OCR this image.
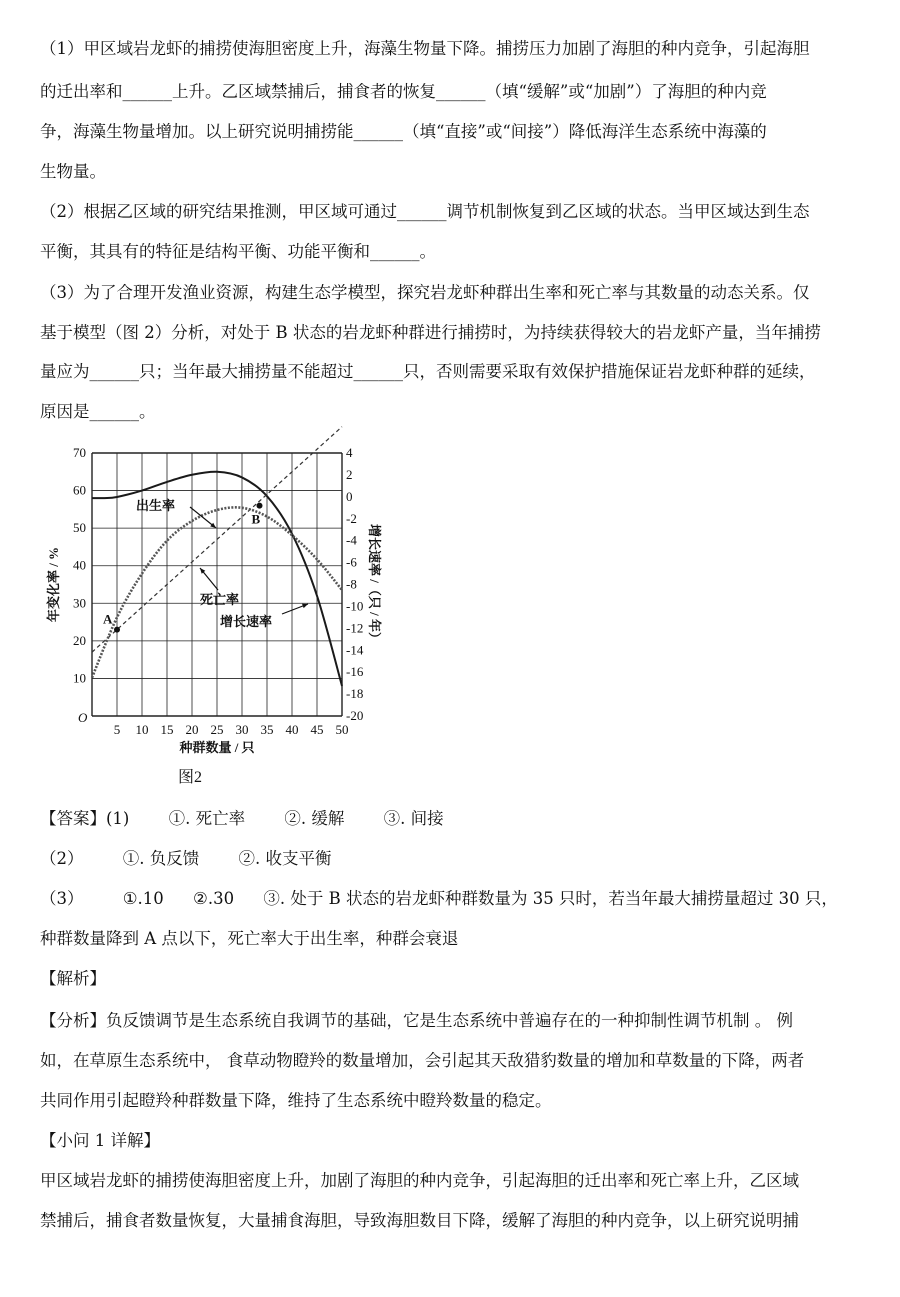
（1）甲区域岩龙虾的捕捞使海胆密度上升，海藻生物量下降。捕捞压力加剧了海胆的种内竞争，引起海胆
的迁出率和______上升。乙区域禁捕后，捕食者的恢复______（填“缓解”或“加剧”）了海胆的种内竞
争，海藻生物量增加。以上研究说明捕捞能______（填“直接”或“间接”）降低海洋生态系统中海藻的
生物量。
（2）根据乙区域的研究结果推测，甲区域可通过______调节机制恢复到乙区域的状态。当甲区域达到生态
平衡，其具有的特征是结构平衡、功能平衡和______。
（3）为了合理开发渔业资源，构建生态学模型，探究岩龙虾种群出生率和死亡率与其数量的动态关系。仅
基于模型（图 2）分析，对处于 B 状态的岩龙虾种群进行捕捞时，为持续获得较大的岩龙虾产量，当年捕捞
量应为______只；当年最大捕捞量不能超过______只，否则需要采取有效保护措施保证岩龙虾种群的延续，
原因是______。
5 10 15 20 25 30 35 40 45 50
10
20
30
40
50
60
70	4
2
0
-2
-4
-6
-8
-10
-12
-14
-16
-18
-20
O
种群数量 / 只
年变化率 / %	增长速率 /（只 / 年）
图2
A
B
出生率
死亡率
增长速率
【答案】(1) ①. 死亡率 ②. 缓解 ③. 间接
（2） ①. 负反馈 ②. 收支平衡
（3） ①.10 ②.30 ③. 处于 B 状态的岩龙虾种群数量为 35 只时，若当年最大捕捞量超过 30 只，
种群数量降到 A 点以下，死亡率大于出生率，种群会衰退
【解析】
【分析】负反馈调节是生态系统自我调节的基础，它是生态系统中普遍存在的一种抑制性调节机制 。 例
如，在草原生态系统中， 食草动物瞪羚的数量增加，会引起其天敌猎豹数量的增加和草数量的下降，两者
共同作用引起瞪羚种群数量下降，维持了生态系统中瞪羚数量的稳定。
【小问 1 详解】
甲区域岩龙虾的捕捞使海胆密度上升，加剧了海胆的种内竞争，引起海胆的迁出率和死亡率上升，乙区域
禁捕后，捕食者数量恢复，大量捕食海胆，导致海胆数目下降，缓解了海胆的种内竞争，以上研究说明捕
